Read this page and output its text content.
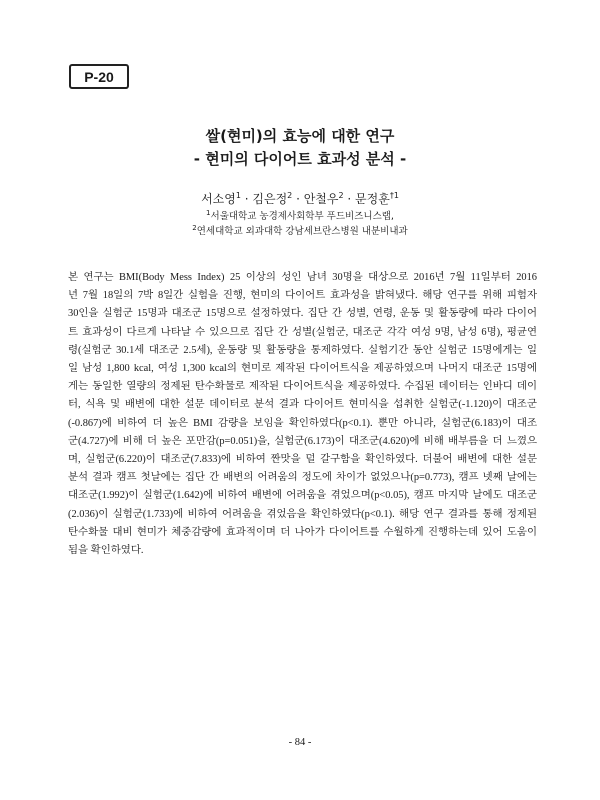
P-20
쌀(현미)의 효능에 대한 연구
- 현미의 다이어트 효과성 분석 -
서소영$^1$ · 김은정$^2$ · 안철우$^2$ · 문정훈$^{\dagger 1}$
$^1$서울대학교 농경제사회학부 푸드비즈니스랩,
$^2$연세대학교 외과대학 강남세브란스병원 내분비내과
본 연구는 BMI(Body Mess Index) 25 이상의 성인 남녀 30명을 대상으로 2016년 7월 11일부터 2016
년 7월 18일의 7박 8일간 실험을 진행, 현미의 다이어트 효과성을 밝혀냈다. 해당 연구를 위해 피험자
30인을 실험군 15명과 대조군 15명으로 설정하였다. 집단 간 성별, 연령, 운동 및 활동량에 따라 다이어
트 효과성이 다르게 나타날 수 있으므로 집단 간 성별(실험군, 대조군 각각 여성 9명, 남성 6명), 평균연
령(실험군 30.1세 대조군 2.5세), 운동량 및 활동량을 통제하였다. 실험기간 동안 실험군 15명에게는 일
일 남성 1,800 kcal, 여성 1,300 kcal의 현미로 제작된 다이어트식을 제공하였으며 나머지 대조군 15명에
게는 동일한 열량의 정제된 탄수화물로 제작된 다이어트식을 제공하였다. 수집된 데이터는 인바디 데이
터, 식욕 및 배변에 대한 설문 데이터로 분석 결과 다이어트 현미식을 섭취한 실험군(-1.120)이 대조군
(-0.867)에 비하여 더 높은 BMI 감량을 보임을 확인하였다(p<0.1). 뿐만 아니라, 실험군(6.183)이 대조
군(4.727)에 비해 더 높은 포만감(p=0.051)을, 실험군(6.173)이 대조군(4.620)에 비해 배부름을 더 느꼈으
며, 실험군(6.220)이 대조군(7.833)에 비하여 짠맛을 덜 갈구함을 확인하였다. 더불어 배변에 대한 설문
분석 결과 캠프 첫날에는 집단 간 배변의 어려움의 정도에 차이가 없었으나(p=0.773), 캠프 넷째 날에는
대조군(1.992)이 실험군(1.642)에 비하여 배변에 어려움을 겪었으며(p<0.05), 캠프 마지막 날에도 대조군
(2.036)이 실험군(1.733)에 비하여 어려움을 겪었음을 확인하였다(p<0.1). 해당 연구 결과를 통해 정제된
탄수화물 대비 현미가 체중감량에 효과적이며 더 나아가 다이어트를 수월하게 진행하는데 있어 도움이
됨을 확인하였다.
- 84 -
